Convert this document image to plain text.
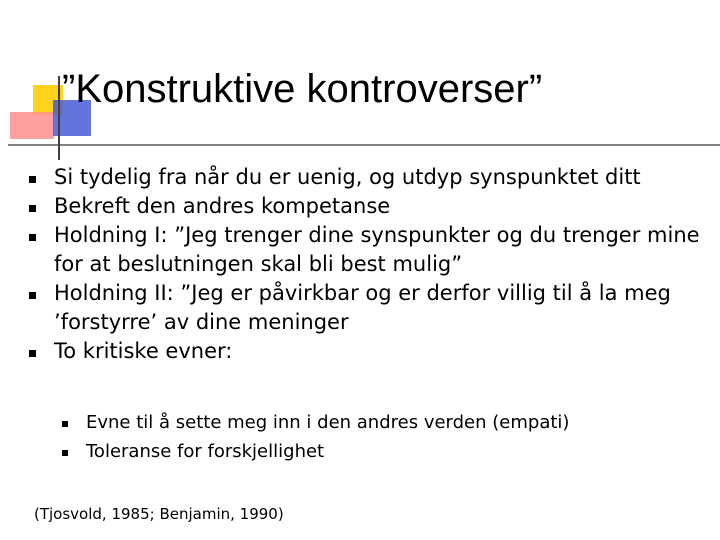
”Konstruktive kontroverser”
Si tydelig fra når du er uenig, og utdyp synspunktet ditt
Bekreft den andres kompetanse
Holdning I: ”Jeg trenger dine synspunkter og du trenger mine for at beslutningen skal bli best mulig”
Holdning II: ”Jeg er påvirkbar og er derfor villig til å la meg ’forstyrre’ av dine meninger
To kritiske evner:
Evne til å sette meg inn i den andres verden (empati)
Toleranse for forskjellighet
(Tjosvold, 1985; Benjamin, 1990)
